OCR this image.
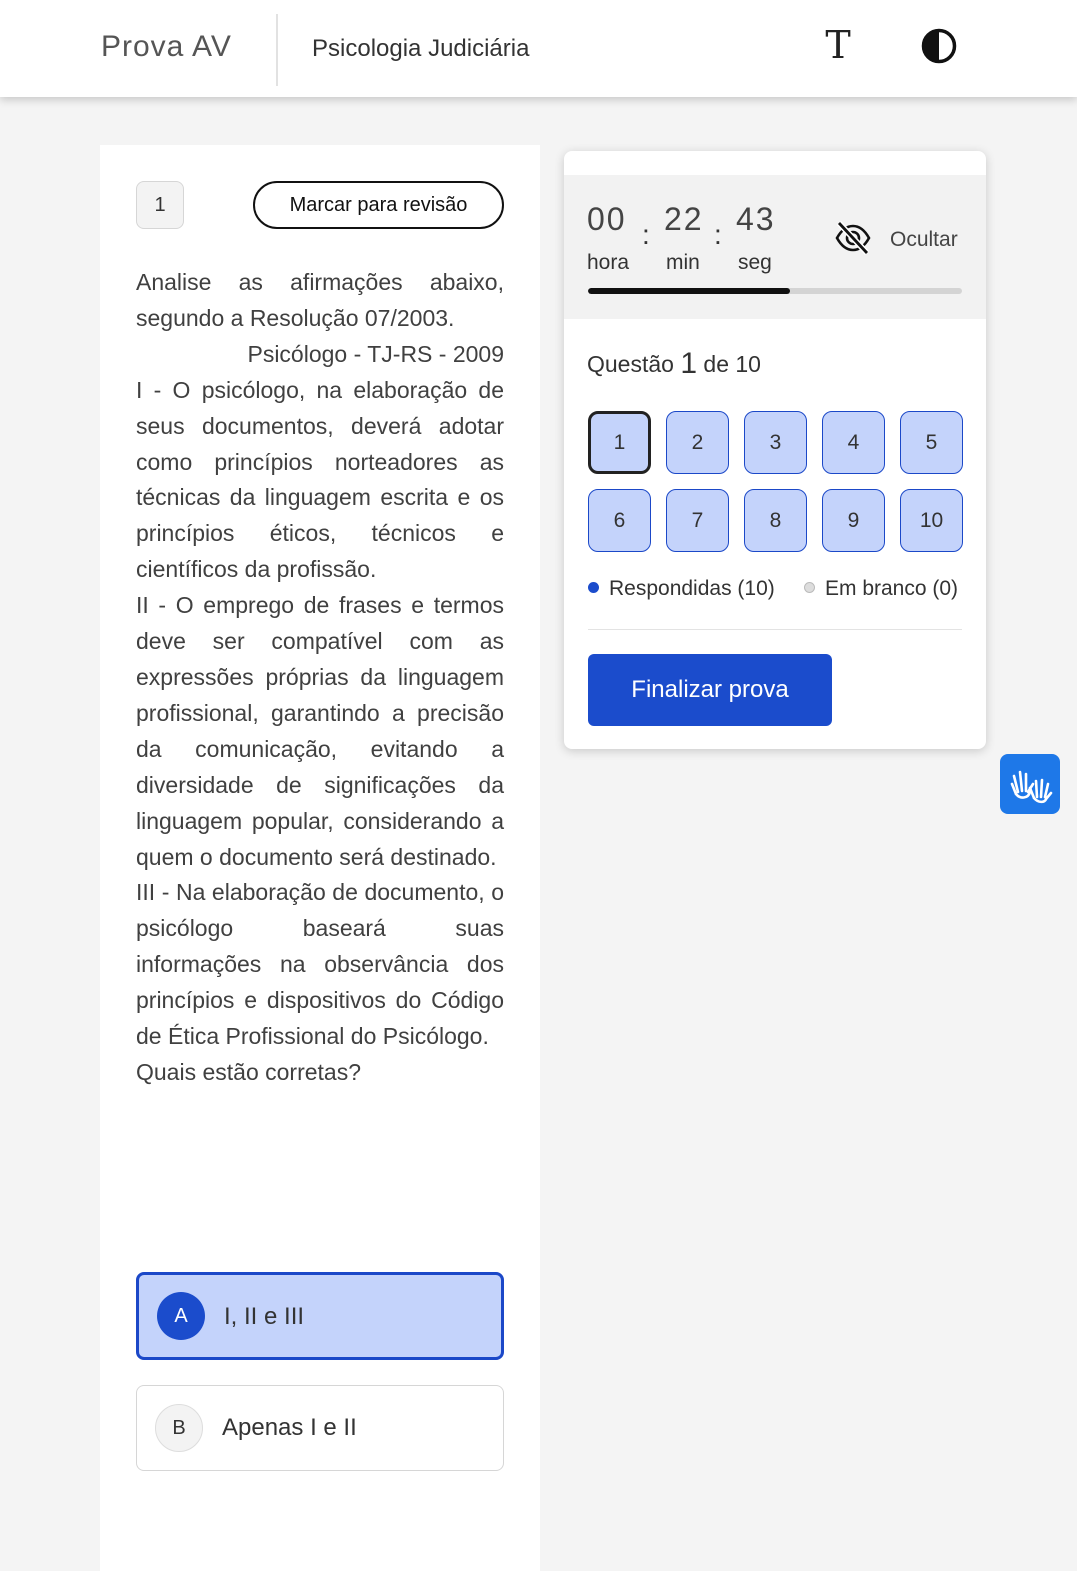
Prova AV	Psicologia Judiciária	T
1	Marcar para revisão

Analise as afirmações abaixo, segundo a Resolução 07/2003.

Psicólogo - TJ-RS - 2009

I - O psicólogo, na elaboração de seus documentos, deverá adotar como princípios norteadores as técnicas da linguagem escrita e os princípios éticos, técnicos e científicos da profissão.

II - O emprego de frases e termos deve ser compatível com as expressões próprias da linguagem profissional, garantindo a precisão da comunicação, evitando a diversidade de significações da linguagem popular, considerando a quem o documento será destinado.

III - Na elaboração de documento, o psicólogo baseará suas informações na observância dos princípios e dispositivos do Código de Ética Profissional do Psicólogo.

Quais estão corretas?

A	I, II e III
B	Apenas I e II
00 : 22 : 43
hora min seg
Ocultar
Questão 1 de 10
1	2	3	4	5
6	7	8	9	10
Respondidas (10)	Em branco (0)
Finalizar prova
